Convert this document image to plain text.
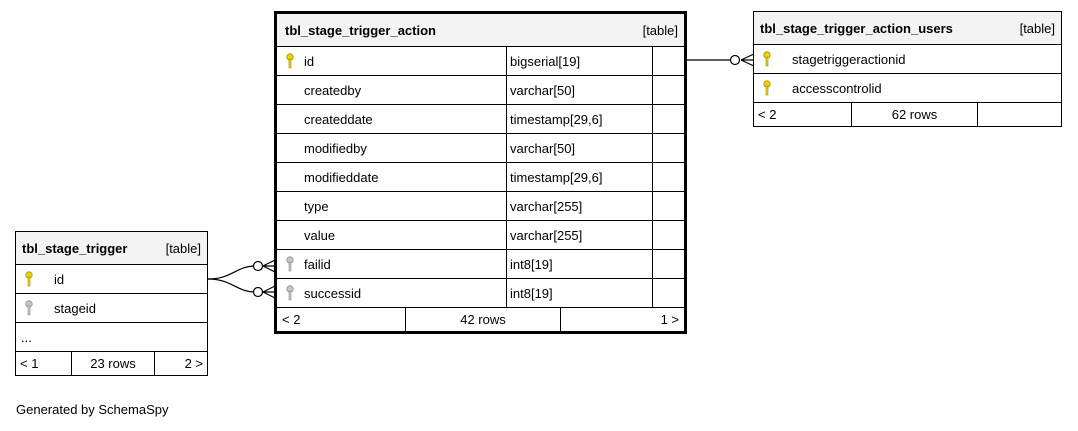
tbl_stage_trigger	[table]
id
stageid
...
< 1	23 rows	2 >
tbl_stage_trigger_action	[table]
id	bigserial[19]
createdby	varchar[50]
createddate	timestamp[29,6]
modifiedby	varchar[50]
modifieddate	timestamp[29,6]
type	varchar[255]
value	varchar[255]
failid	int8[19]
successid	int8[19]
< 2	42 rows	1 >
tbl_stage_trigger_action_users	[table]
stagetriggeractionid
accesscontrolid
< 2	62 rows
Generated by SchemaSpy
